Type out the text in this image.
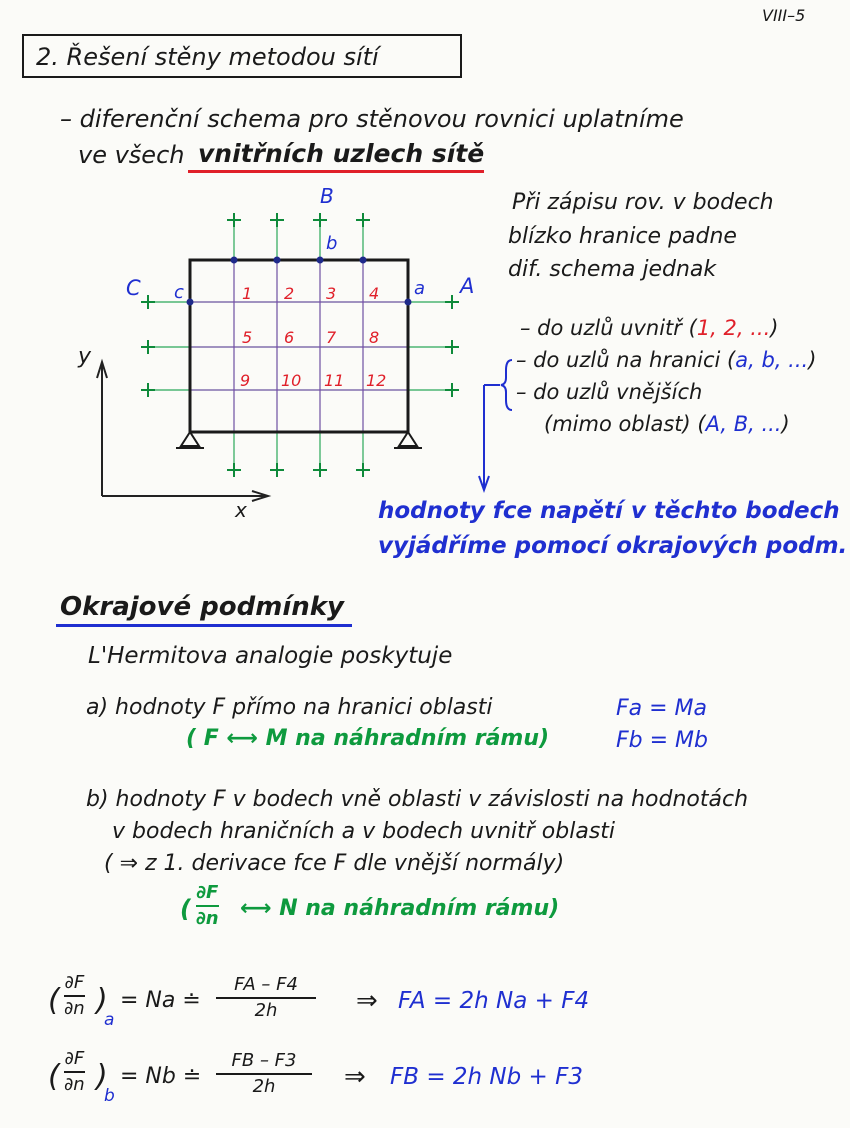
VIII–5
2. Řešení stěny metodou sítí
– diferenční schema pro stěnovou rovnici uplatníme
ve všech vnitřních uzlech sítě
B
b
C c	a A
y
x
1 2 3 4
5 6 7 8
9 10 11 12
Při zápisu rov. v bodech
blízko hranice padne
dif. schema jednak
– do uzlů uvnitř (1, 2, ...)
– do uzlů na hranici (a, b, ...)
– do uzlů vnějších
(mimo oblast) (A, B, ...)
hodnoty fce napětí v těchto bodech
vyjádříme pomocí okrajových podm.
Okrajové podmínky
L'Hermitova analogie poskytuje
a) hodnoty F přímo na hranici oblasti
( F ⟷ M na náhradním rámu)
Fa = Ma
Fb = Mb
b) hodnoty F v bodech vně oblasti v závislosti na hodnotách
v bodech hraničních a v bodech uvnitř oblasti
( ⇒ z 1. derivace fce F dle vnější normály)
(
∂F
∂n ⟷ N na náhradním rámu)
(
∂F
∂n )
a
= Na ≐
FA – F4
2h	⇒ FA = 2h Na + F4
(
∂F
∂n )
b
= Nb ≐
FB – F3
2h	⇒ FB = 2h Nb + F3
